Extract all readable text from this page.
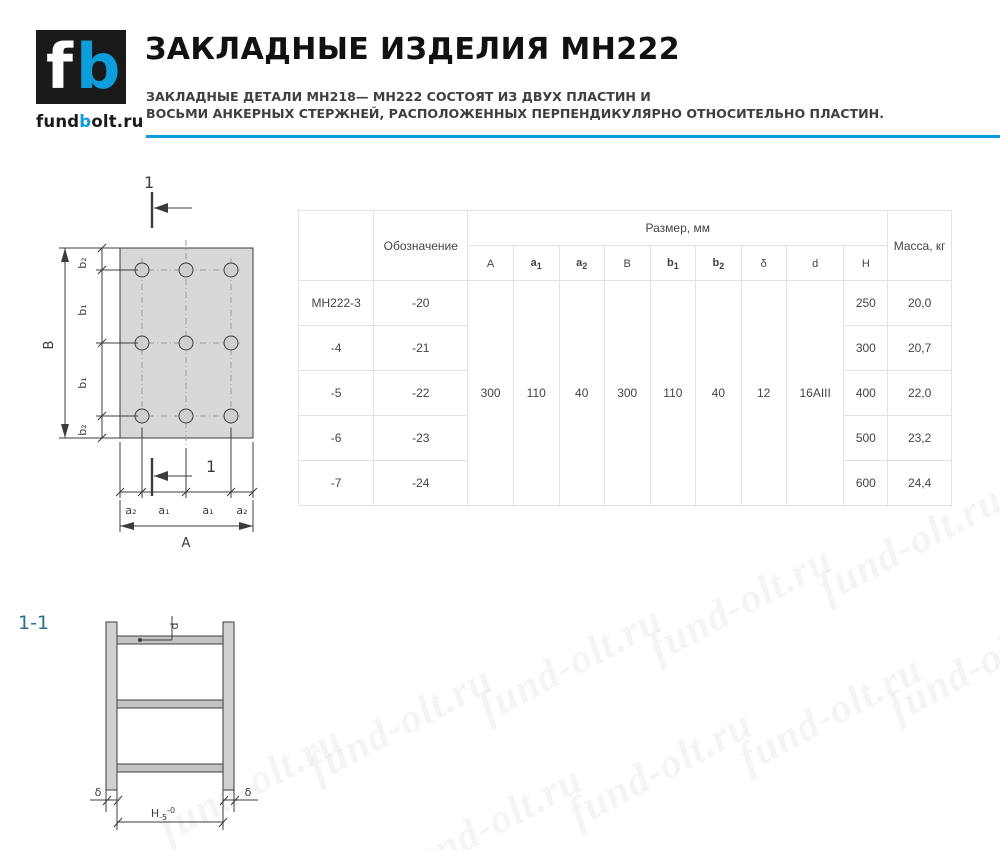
f b
fundbolt.ru
ЗАКЛАДНЫЕ ИЗДЕЛИЯ МН222
ЗАКЛАДНЫЕ ДЕТАЛИ МН218— МН222 СОСТОЯТ ИЗ ДВУХ ПЛАСТИН И
ВОСЬМИ АНКЕРНЫХ СТЕРЖНЕЙ, РАСПОЛОЖЕННЫХ ПЕРПЕНДИКУЛЯРНО ОТНОСИТЕЛЬНО ПЛАСТИН.
	Обозначение	Размер, мм									Масса, кг
		A	$a_1$	$a_2$	B	$b_1$	$b_2$	δ	d	H	
МН222-3	-20	300	110	40	300	110	40	12	16AIII	250	20,0
-4	-21									300	20,7
-5	-22									400	22,0
-6	-23									500	23,2
-7	-24									600	24,4
1
1
b₂
b₁
b₁
b₂
B
a₂ a₁	a₁ a₂
A
1-1	d
δ	δ
$H_{-5}^{-0}$
